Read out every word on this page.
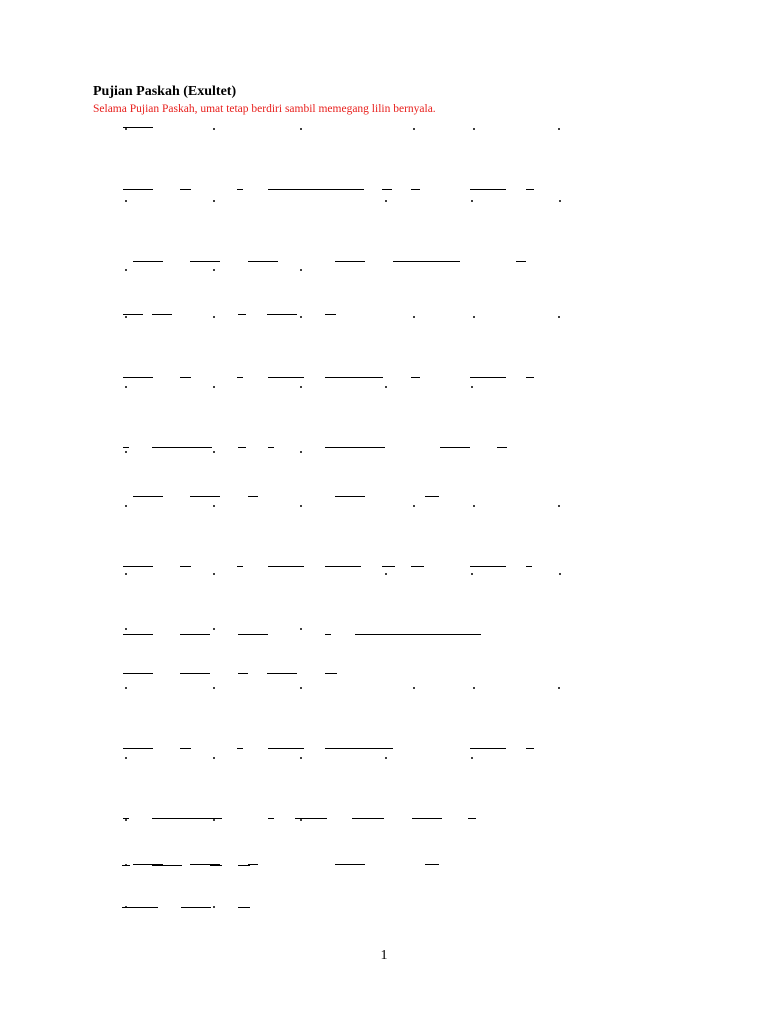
Pujian Paskah (Exultet)
Selama Pujian Paskah, umat tetap berdiri sambil memegang lilin bernyala.
1
